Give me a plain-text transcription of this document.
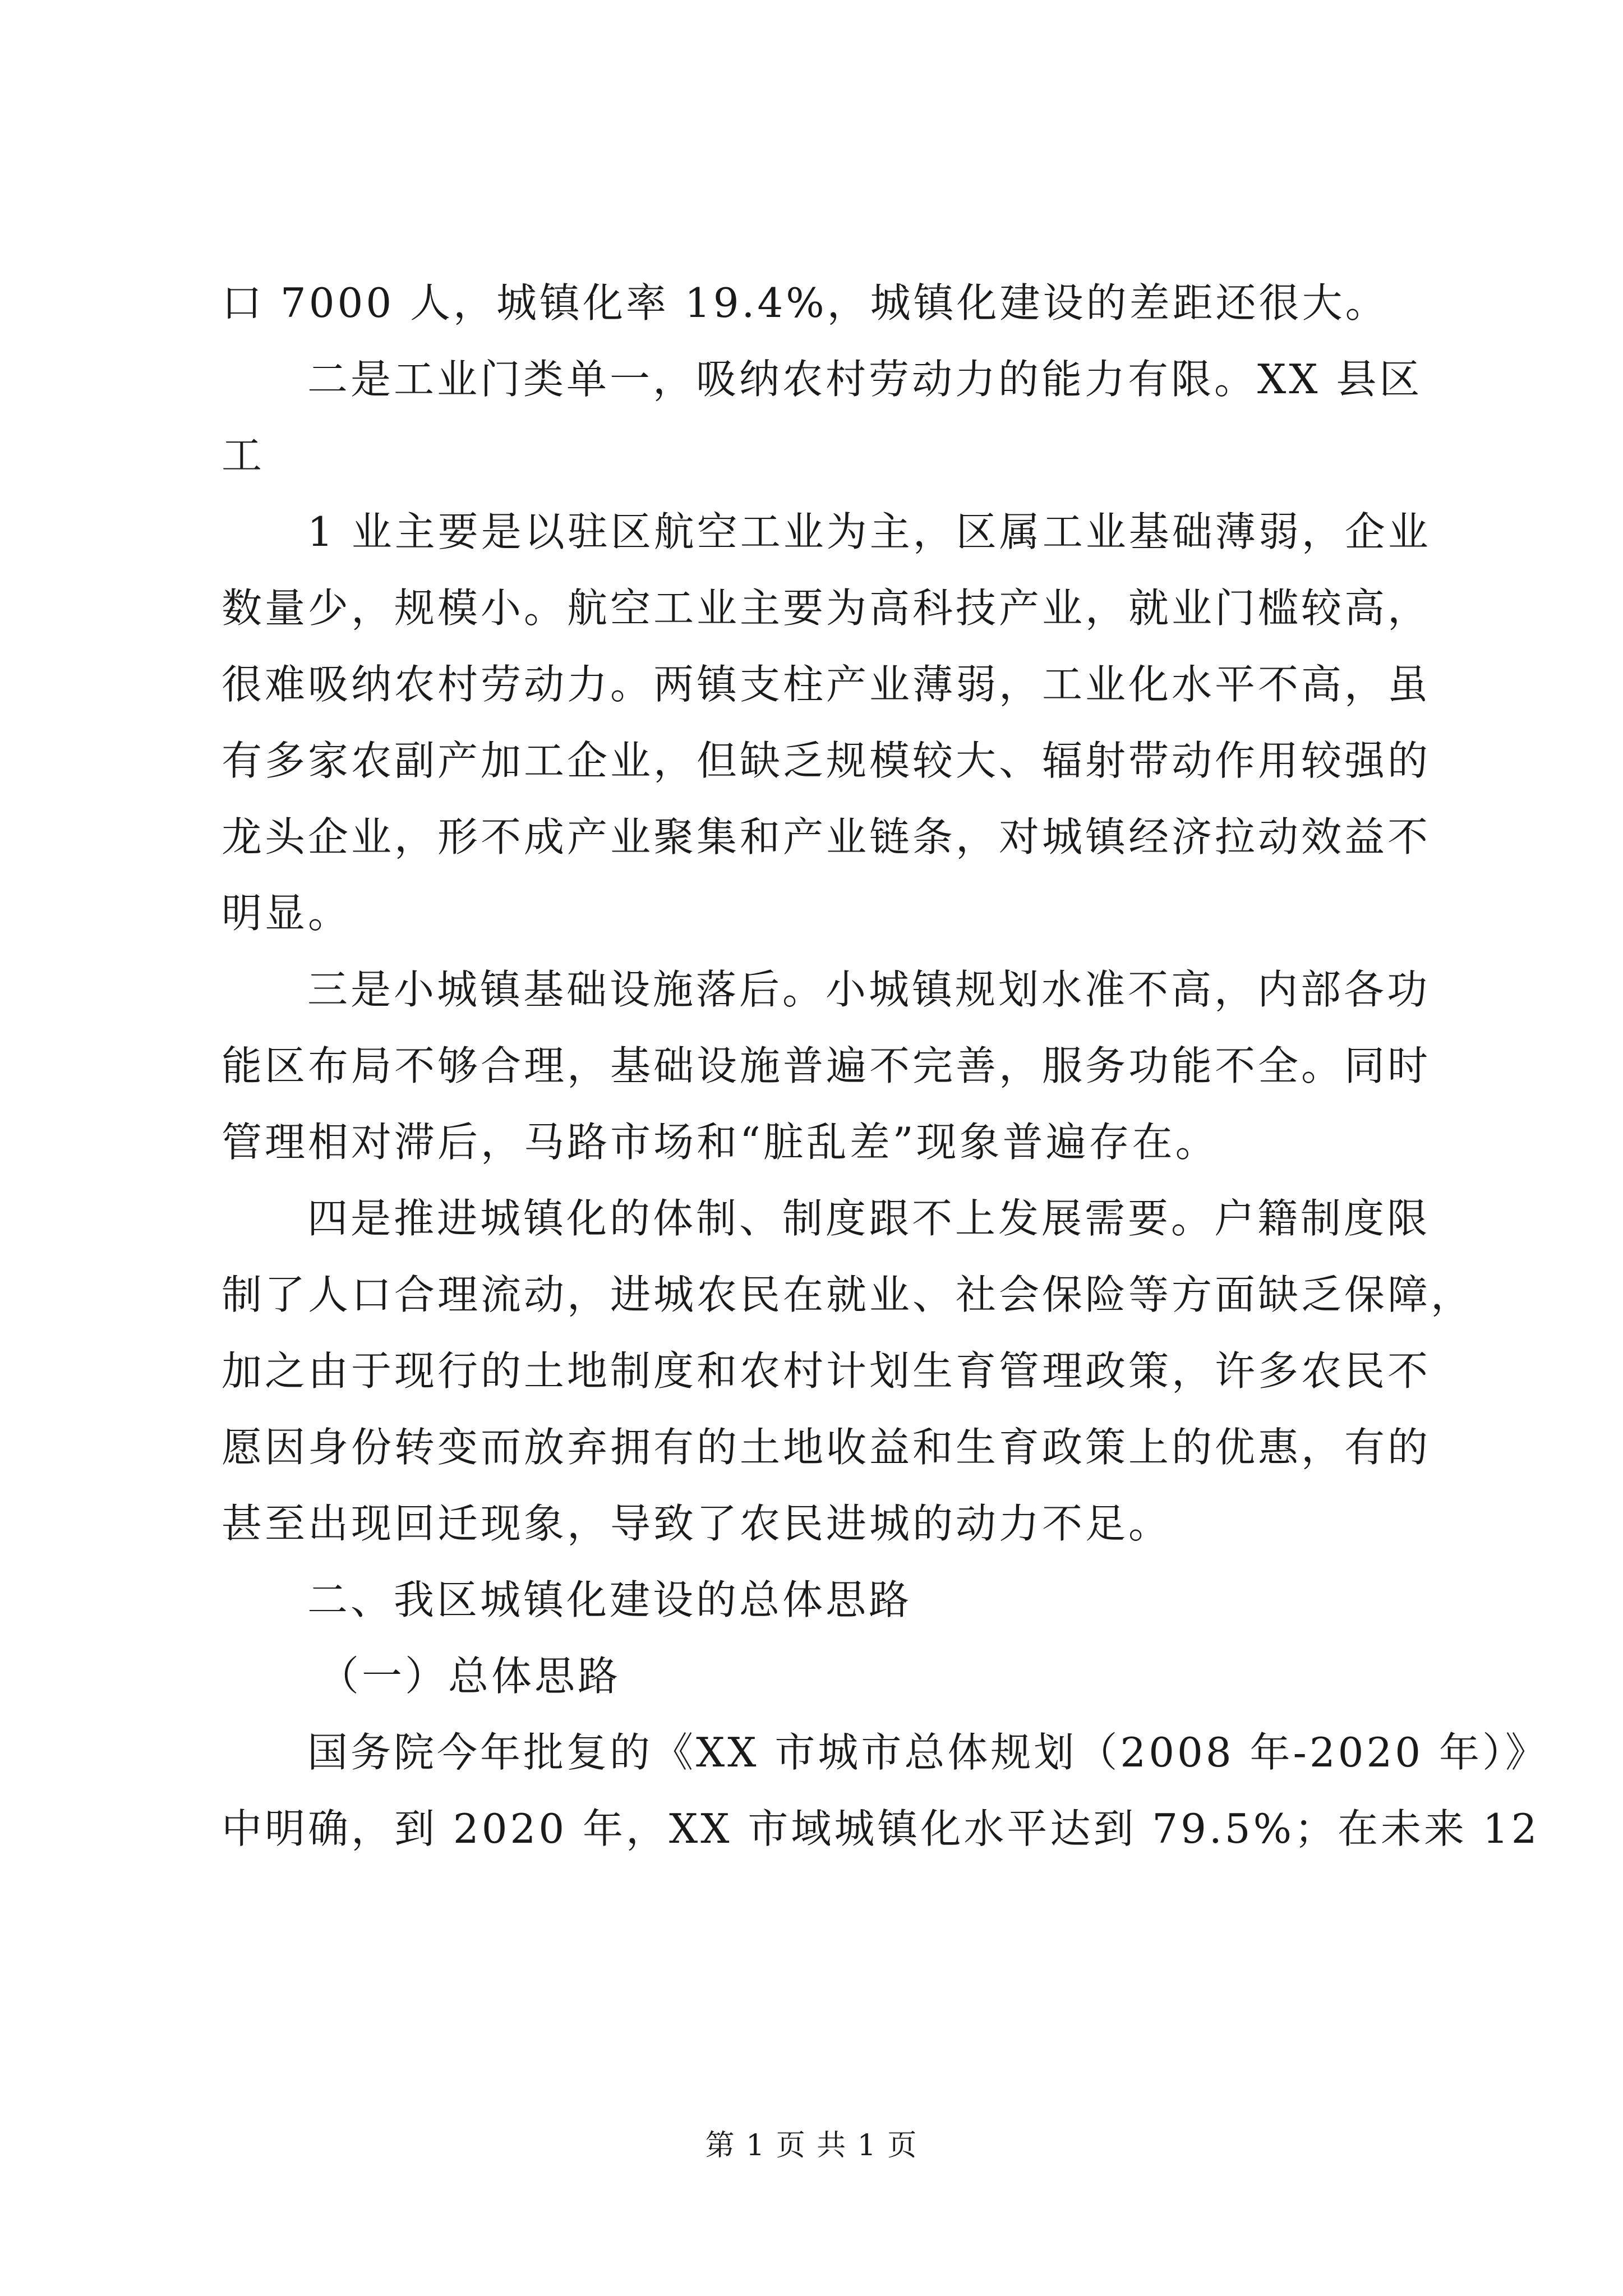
口 7000 人，城镇化率 19.4%，城镇化建设的差距还很大。

二是工业门类单一，吸纳农村劳动力的能力有限。XX 县区

工

1 业主要是以驻区航空工业为主，区属工业基础薄弱，企业

数量少，规模小。航空工业主要为高科技产业，就业门槛较高，

很难吸纳农村劳动力。两镇支柱产业薄弱，工业化水平不高，虽

有多家农副产加工企业，但缺乏规模较大、辐射带动作用较强的

龙头企业，形不成产业聚集和产业链条，对城镇经济拉动效益不

明显。

三是小城镇基础设施落后。小城镇规划水准不高，内部各功

能区布局不够合理，基础设施普遍不完善，服务功能不全。同时

管理相对滞后，马路市场和“脏乱差”现象普遍存在。

四是推进城镇化的体制、制度跟不上发展需要。户籍制度限

制了人口合理流动，进城农民在就业、社会保险等方面缺乏保障，

加之由于现行的土地制度和农村计划生育管理政策，许多农民不

愿因身份转变而放弃拥有的土地收益和生育政策上的优惠，有的

甚至出现回迁现象，导致了农民进城的动力不足。

二、我区城镇化建设的总体思路

（一）总体思路

国务院今年批复的《XX 市城市总体规划（2008 年-2020 年）》

中明确，到 2020 年，XX 市域城镇化水平达到 79.5%；在未来 12

第 1 页 共 1 页
